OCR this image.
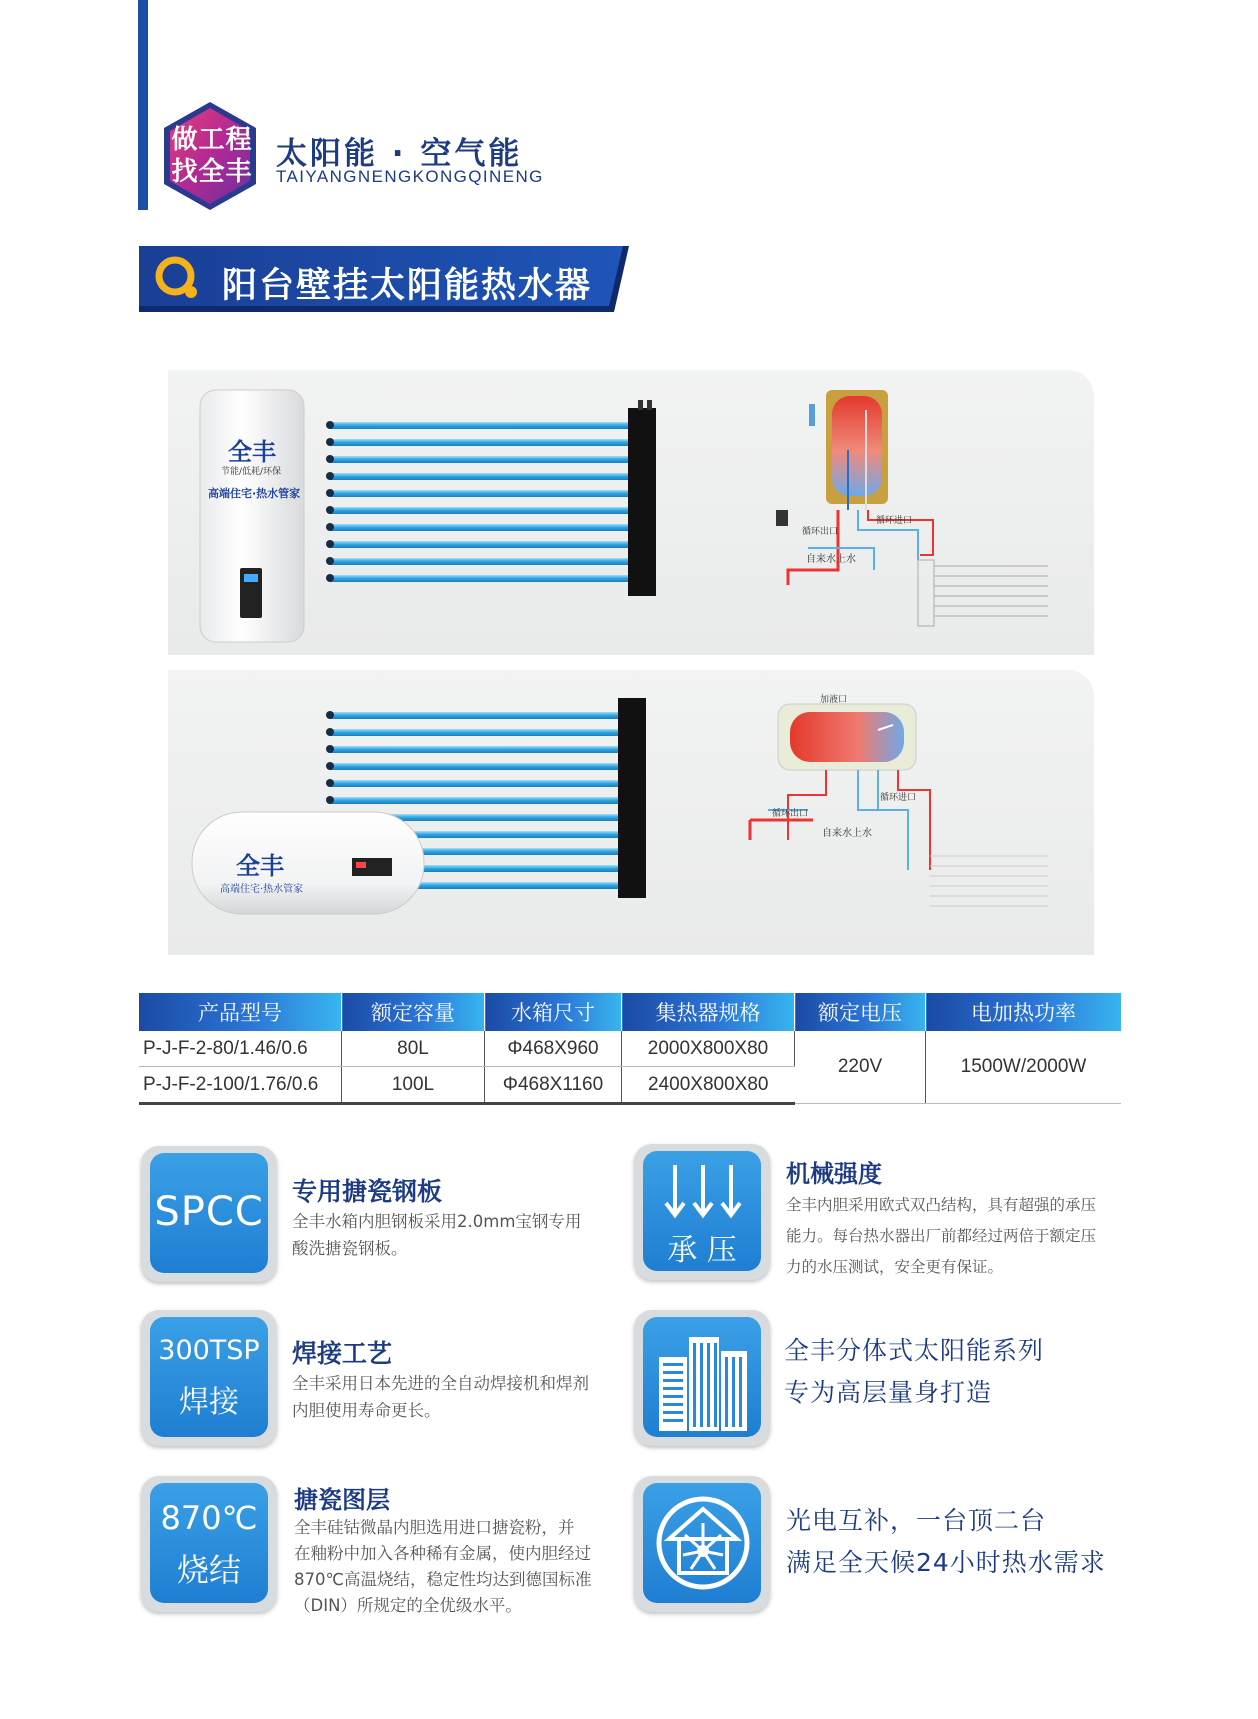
做工程
找全丰 太阳能 · 空气能
TAIYANGNENGKONGQINENG
阳台壁挂太阳能热水器
全丰
节能/低耗/环保
高端住宅·热水管家
循环出口
循环进口
自来水上水
全丰
高端住宅·热水管家
加液口
循环出口
循环进口
自来水上水
产品型号	额定容量	水箱尺寸	集热器规格	额定电压	电加热功率
P-J-F-2-80/1.46/0.6	80L	Φ468X960	2000X800X80	220V	1500W/2000W
P-J-F-2-100/1.76/0.6	100L	Φ468X1160	2400X800X80		
SPCC 专用搪瓷钢板
全丰水箱内胆钢板采用2.0mm宝钢专用
酸洗搪瓷钢板。	承 压
机械强度
全丰内胆采用欧式双凸结构，具有超强的承压
能力。每台热水器出厂前都经过两倍于额定压
力的水压测试，安全更有保证。
300TSP
焊接
焊接工艺
全丰采用日本先进的全自动焊接机和焊剂
内胆使用寿命更长。
全丰分体式太阳能系列
专为高层量身打造
870℃
烧结
搪瓷图层
全丰硅钴微晶内胆选用进口搪瓷粉，并
在釉粉中加入各种稀有金属，使内胆经过
870℃高温烧结，稳定性均达到德国标准
（DIN）所规定的全优级水平。
光电互补，一台顶二台
满足全天候24小时热水需求
